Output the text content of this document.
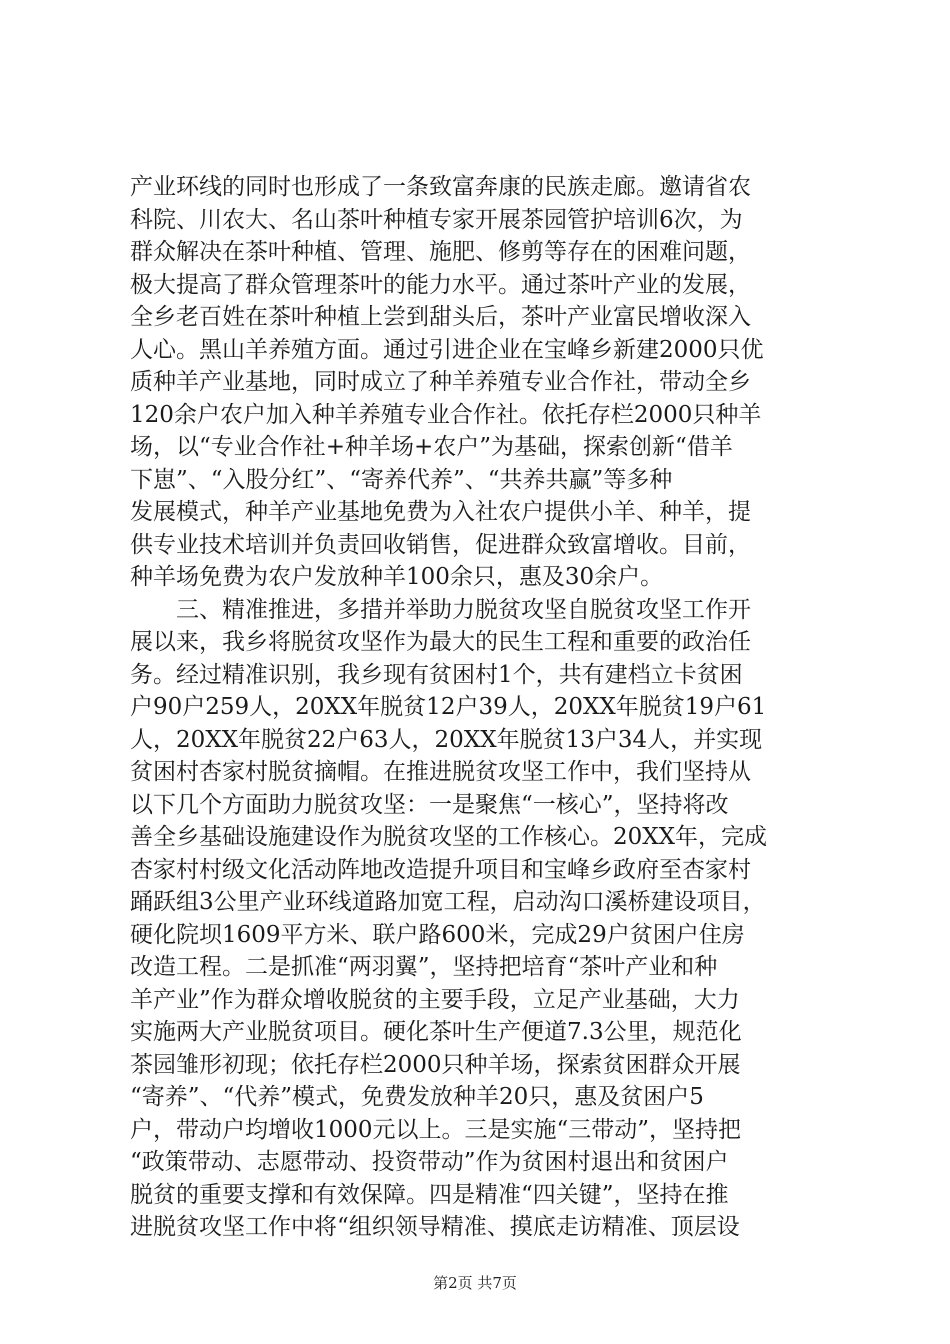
产业环线的同时也形成了一条致富奔康的民族走廊。邀请省农
科院、川农大、名山茶叶种植专家开展茶园管护培训6次，为
群众解决在茶叶种植、管理、施肥、修剪等存在的困难问题，
极大提高了群众管理茶叶的能力水平。通过茶叶产业的发展，
全乡老百姓在茶叶种植上尝到甜头后，茶叶产业富民增收深入
人心。黑山羊养殖方面。通过引进企业在宝峰乡新建2000只优
质种羊产业基地，同时成立了种羊养殖专业合作社，带动全乡
120余户农户加入种羊养殖专业合作社。依托存栏2000只种羊
场，以“专业合作社+种羊场+农户”为基础，探索创新“借羊
下崽”、“入股分红”、“寄养代养”、“共养共赢”等多种
发展模式，种羊产业基地免费为入社农户提供小羊、种羊，提
供专业技术培训并负责回收销售，促进群众致富增收。目前，
种羊场免费为农户发放种羊100余只，惠及30余户。
　　三、精准推进，多措并举助力脱贫攻坚自脱贫攻坚工作开
展以来，我乡将脱贫攻坚作为最大的民生工程和重要的政治任
务。经过精准识别，我乡现有贫困村1个，共有建档立卡贫困
户90户259人，20XX年脱贫12户39人，20XX年脱贫19户61
人，20XX年脱贫22户63人，20XX年脱贫13户34人，并实现
贫困村杏家村脱贫摘帽。在推进脱贫攻坚工作中，我们坚持从
以下几个方面助力脱贫攻坚：一是聚焦“一核心”，坚持将改
善全乡基础设施建设作为脱贫攻坚的工作核心。20XX年，完成
杏家村村级文化活动阵地改造提升项目和宝峰乡政府至杏家村
踊跃组3公里产业环线道路加宽工程，启动沟口溪桥建设项目，
硬化院坝1609平方米、联户路600米，完成29户贫困户住房
改造工程。二是抓准“两羽翼”，坚持把培育“茶叶产业和种
羊产业”作为群众增收脱贫的主要手段，立足产业基础，大力
实施两大产业脱贫项目。硬化茶叶生产便道7.3公里，规范化
茶园雏形初现；依托存栏2000只种羊场，探索贫困群众开展
“寄养”、“代养”模式，免费发放种羊20只，惠及贫困户5
户，带动户均增收1000元以上。三是实施“三带动”，坚持把
“政策带动、志愿带动、投资带动”作为贫困村退出和贫困户
脱贫的重要支撑和有效保障。四是精准“四关键”，坚持在推
进脱贫攻坚工作中将“组织领导精准、摸底走访精准、顶层设
第2页 共7页
